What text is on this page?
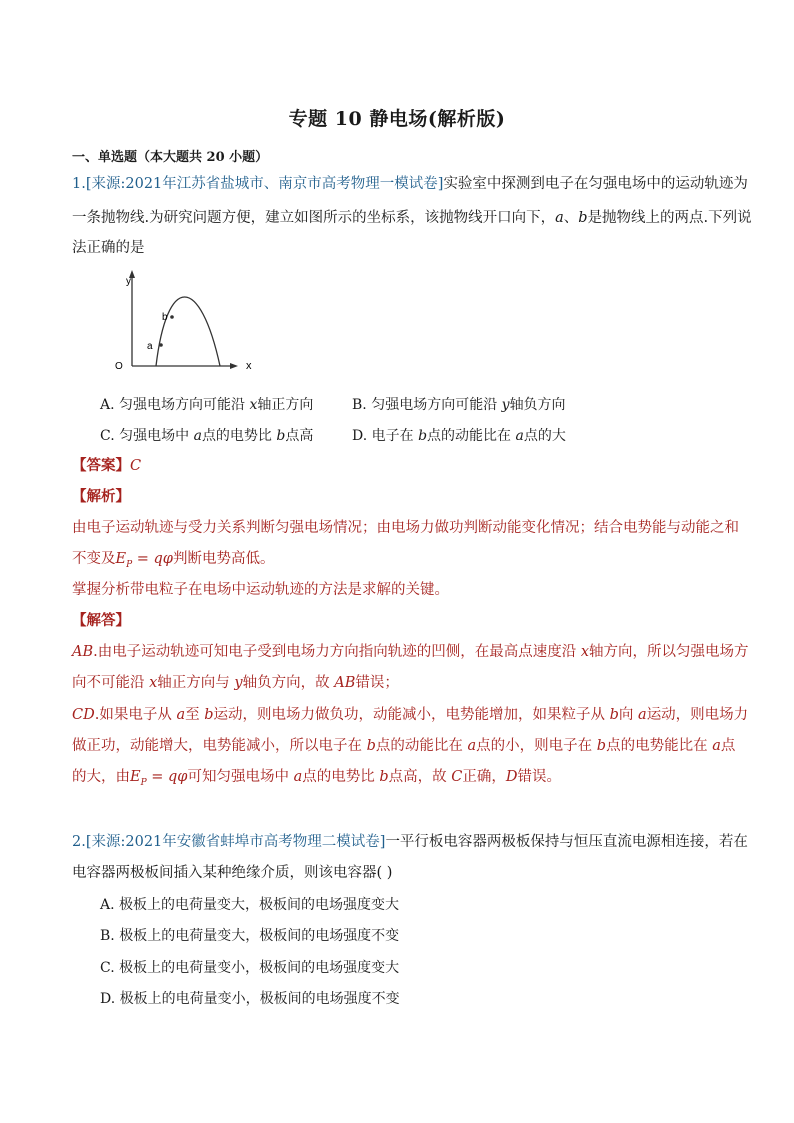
专题 10 静电场(解析版)
一、单选题（本大题共 20 小题）
1.[来源:2021年江苏省盐城市、南京市高考物理一模试卷]实验室中探测到电子在匀强电场中的运动轨迹为
一条抛物线.为研究问题方便，建立如图所示的坐标系，该抛物线开口向下，a、b是抛物线上的两点.下列说
法正确的是
y
x
O
a
b
A. 匀强电场方向可能沿 x轴正方向	B. 匀强电场方向可能沿 y轴负方向
C. 匀强电场中 a点的电势比 b点高	D. 电子在 b点的动能比在 a点的大
【答案】C
【解析】
由电子运动轨迹与受力关系判断匀强电场情况；由电场力做功判断动能变化情况；结合电势能与动能之和
不变及$E_P = q\varphi$判断电势高低。
掌握分析带电粒子在电场中运动轨迹的方法是求解的关键。
【解答】
AB.由电子运动轨迹可知电子受到电场力方向指向轨迹的凹侧，在最高点速度沿 x轴方向，所以匀强电场方
向不可能沿 x轴正方向与 y轴负方向，故 AB错误；
CD.如果电子从 a至 b运动，则电场力做负功，动能减小，电势能增加，如果粒子从 b向 a运动，则电场力
做正功，动能增大，电势能减小，所以电子在 b点的动能比在 a点的小，则电子在 b点的电势能比在 a点
的大，由$E_P = q\varphi$可知匀强电场中 a点的电势比 b点高，故 C正确，D错误。
2.[来源:2021年安徽省蚌埠市高考物理二模试卷]一平行板电容器两极板保持与恒压直流电源相连接，若在
电容器两极板间插入某种绝缘介质，则该电容器( )
A. 极板上的电荷量变大，极板间的电场强度变大
B. 极板上的电荷量变大，极板间的电场强度不变
C. 极板上的电荷量变小，极板间的电场强度变大
D. 极板上的电荷量变小，极板间的电场强度不变
